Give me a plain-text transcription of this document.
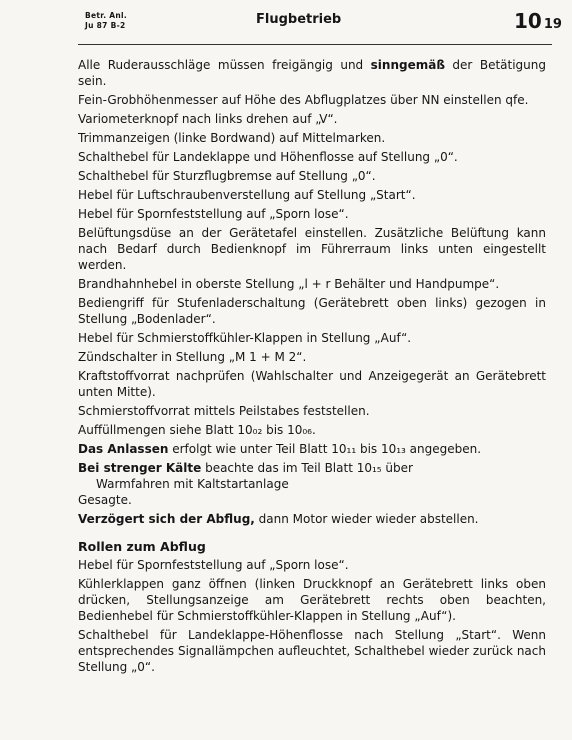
Betr. Anl.
Ju 87 B-2	Flugbetrieb	10 19

Alle Ruderausschläge müssen freigängig und sinngemäß der Betätigung sein.

Fein-Grobhöhenmesser auf Höhe des Abflugplatzes über NN einstellen qfe.

Variometerknopf nach links drehen auf „V“.

Trimmanzeigen (linke Bordwand) auf Mittelmarken.

Schalthebel für Landeklappe und Höhenflosse auf Stellung „0“.

Schalthebel für Sturzflugbremse auf Stellung „0“.

Hebel für Luftschraubenverstellung auf Stellung „Start“.

Hebel für Spornfeststellung auf „Sporn lose“.

Belüftungsdüse an der Gerätetafel einstellen. Zusätzliche Belüftung kann nach Bedarf durch Bedienknopf im Führerraum links unten eingestellt werden.

Brandhahnhebel in oberste Stellung „l + r Behälter und Handpumpe“.

Bediengriff für Stufenladerschaltung (Gerätebrett oben links) gezogen in Stellung „Bodenlader“.

Hebel für Schmierstoffkühler-Klappen in Stellung „Auf“.

Zündschalter in Stellung „M 1 + M 2“.

Kraftstoffvorrat nachprüfen (Wahlschalter und Anzeigegerät an Gerätebrett unten Mitte).

Schmierstoffvorrat mittels Peilstabes feststellen.

Auffüllmengen siehe Blatt 10₀₂ bis 10₀₆.

Das Anlassen erfolgt wie unter Teil Blatt 10₁₁ bis 10₁₃ angegeben.

Bei strenger Kälte beachte das im Teil Blatt 10₁₅ über

Warmfahren mit Kaltstartanlage

Gesagte.

Verzögert sich der Abflug, dann Motor wieder wieder abstellen.

Rollen zum Abflug

Hebel für Spornfeststellung auf „Sporn lose“.

Kühlerklappen ganz öffnen (linken Druckknopf an Gerätebrett links oben drücken, Stellungsanzeige am Gerätebrett rechts oben beachten, Bedienhebel für Schmierstoffkühler-Klappen in Stellung „Auf“).

Schalthebel für Landeklappe-Höhenflosse nach Stellung „Start“. Wenn entsprechendes Signallämpchen aufleuchtet, Schalthebel wieder zurück nach Stellung „0“.
